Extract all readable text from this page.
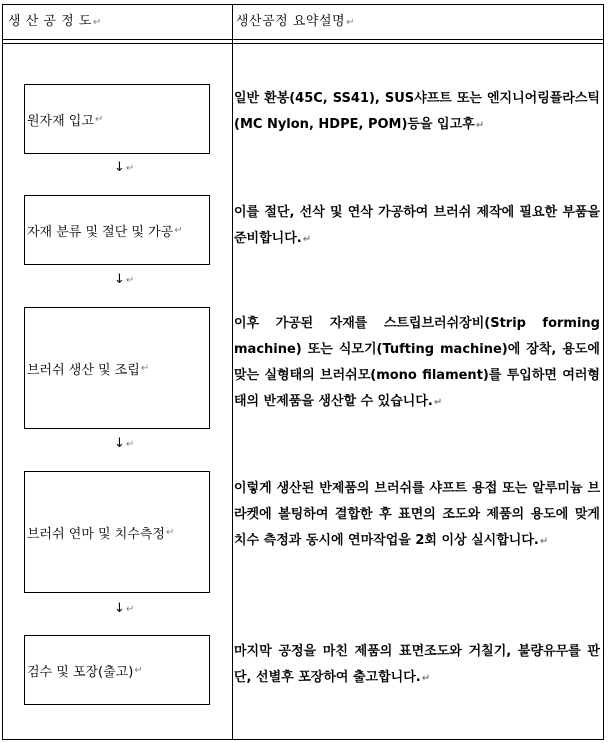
생 산 공 정 도↵	생산공정 요약설명↵
원자재 입고 ↵
↓↵
자재 분류 및 절단 및 가공 ↵
↓↵
브러쉬 생산 및 조립 ↵
↓↵
브러쉬 연마 및 치수측정 ↵
↓↵
검수 및 포장(출고) ↵
일반 환봉(45C, SS41), SUS샤프트 또는 엔지니어링플라스틱(MC Nylon, HDPE, POM)등을 입고후↵
이를 절단, 선삭 및 연삭 가공하여 브러쉬 제작에 필요한 부품을 준비합니다.↵
이후 가공된 자재를 스트립브러쉬장비(Strip forming machine) 또는 식모기(Tufting machine)에 장착, 용도에 맞는 실형태의 브러쉬모(mono filament)를 투입하면 여러형태의 반제품을 생산할 수 있습니다.↵
이렇게 생산된 반제품의 브러쉬를 샤프트 용접 또는 알루미늄 브라켓에 볼팅하여 결합한 후 표면의 조도와 제품의 용도에 맞게 치수 측정과 동시에 연마작업을 2회 이상 실시합니다.↵
마지막 공정을 마친 제품의 표면조도와 거칠기, 불량유무를 판단, 선별후 포장하여 출고합니다.↵
